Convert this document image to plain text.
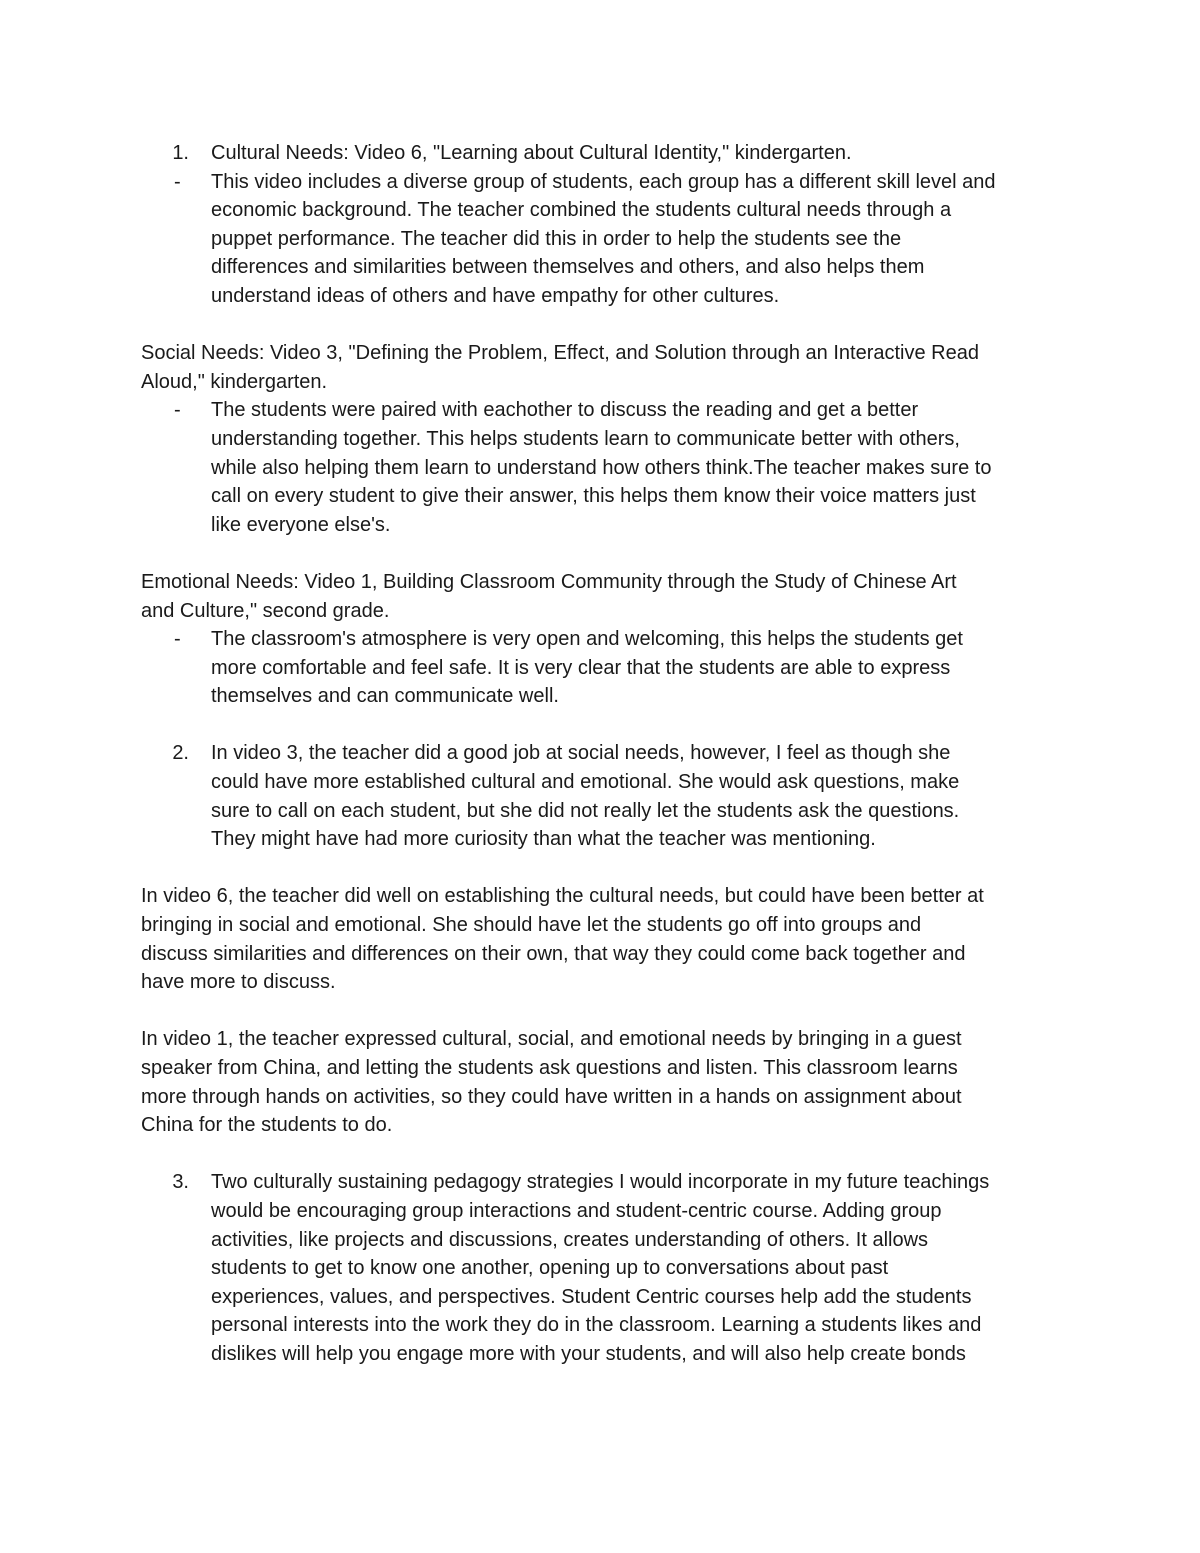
1.	Cultural Needs: Video 6, "Learning about Cultural Identity," kindergarten.
-	This video includes a diverse group of students, each group has a different skill level and
economic background. The teacher combined the students cultural needs through a
puppet performance. The teacher did this in order to help the students see the
differences and similarities between themselves and others, and also helps them
understand ideas of others and have empathy for other cultures.
Social Needs: Video 3, "Defining the Problem, Effect, and Solution through an Interactive Read
Aloud," kindergarten.
-	The students were paired with eachother to discuss the reading and get a better
understanding together. This helps students learn to communicate better with others,
while also helping them learn to understand how others think.The teacher makes sure to
call on every student to give their answer, this helps them know their voice matters just
like everyone else's.
Emotional Needs: Video 1, Building Classroom Community through the Study of Chinese Art
and Culture," second grade.
-	The classroom's atmosphere is very open and welcoming, this helps the students get
more comfortable and feel safe. It is very clear that the students are able to express
themselves and can communicate well.
2.	In video 3, the teacher did a good job at social needs, however, I feel as though she
could have more established cultural and emotional. She would ask questions, make
sure to call on each student, but she did not really let the students ask the questions.
They might have had more curiosity than what the teacher was mentioning.
In video 6, the teacher did well on establishing the cultural needs, but could have been better at
bringing in social and emotional. She should have let the students go off into groups and
discuss similarities and differences on their own, that way they could come back together and
have more to discuss.
In video 1, the teacher expressed cultural, social, and emotional needs by bringing in a guest
speaker from China, and letting the students ask questions and listen. This classroom learns
more through hands on activities, so they could have written in a hands on assignment about
China for the students to do.
3.	Two culturally sustaining pedagogy strategies I would incorporate in my future teachings
would be encouraging group interactions and student-centric course. Adding group
activities, like projects and discussions, creates understanding of others. It allows
students to get to know one another, opening up to conversations about past
experiences, values, and perspectives. Student Centric courses help add the students
personal interests into the work they do in the classroom. Learning a students likes and
dislikes will help you engage more with your students, and will also help create bonds
